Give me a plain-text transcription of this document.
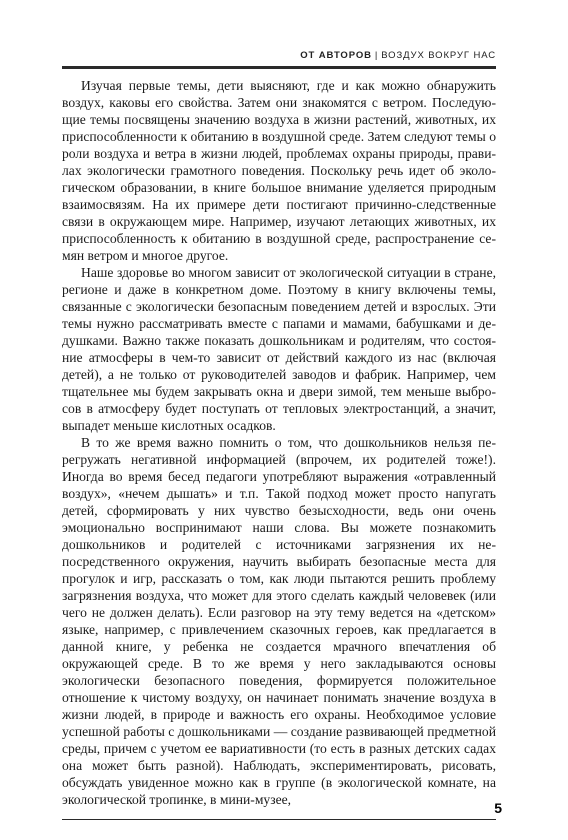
ОТ АВТОРОВ | ВОЗДУХ ВОКРУГ НАС

Изучая первые темы, дети выясняют, где и как можно обнаружить воздух, каковы его свойства. Затем они знакомятся с ветром. Последующие темы посвящены значению воздуха в жизни растений, животных, их приспособленности к обитанию в воздушной среде. Затем следуют темы о роли воздуха и ветра в жизни людей, проблемах охраны природы, правилах экологически грамотного поведения. Поскольку речь идет об экологическом образовании, в книге большое внимание уделяется природным взаимосвязям. На их примере дети постигают причинно-следственные связи в окружающем мире. Например, изучают летающих животных, их приспособленность к обитанию в воздушной среде, распространение семян ветром и многое другое.

Наше здоровье во многом зависит от экологической ситуации в стране, регионе и даже в конкретном доме. Поэтому в книгу включены темы, связанные с экологически безопасным поведением детей и взрослых. Эти темы нужно рассматривать вместе с папами и мамами, бабушками и дедушками. Важно также показать дошкольникам и родителям, что состояние атмосферы в чем-то зависит от действий каждого из нас (включая детей), а не только от руководителей заводов и фабрик. Например, чем тщательнее мы будем закрывать окна и двери зимой, тем меньше выбросов в атмосферу будет поступать от тепловых электростанций, а значит, выпадет меньше кислотных осадков.

В то же время важно помнить о том, что дошкольников нельзя перегружать негативной информацией (впрочем, их родителей тоже!). Иногда во время бесед педагоги употребляют выражения «отравленный воздух», «нечем дышать» и т.п. Такой подход может просто напугать детей, сформировать у них чувство безысходности, ведь они очень эмоционально воспринимают наши слова. Вы можете познакомить дошкольников и родителей с источниками загрязнения их непосредственного окружения, научить выбирать безопасные места для прогулок и игр, рассказать о том, как люди пытаются решить проблему загрязнения воздуха, что может для этого сделать каждый человевек (или чего не должен делать). Если разговор на эту тему ведется на «детском» языке, например, с привлечением сказочных героев, как предлагается в данной книге, у ребенка не создается мрачного впечатления об окружающей среде. В то же время у него закладываются основы экологически безопасного поведения, формируется положительное отношение к чистому воздуху, он начинает понимать значение воздуха в жизни людей, в природе и важность его охраны. Необходимое условие успешной работы с дошкольниками — создание развивающей предметной среды, причем с учетом ее вариативности (то есть в разных детских садах она может быть разной). Наблюдать, экспериментировать, рисовать, обсуждать увиденное можно как в группе (в экологической комнате, на экологической тропинке, в мини-музее,

5
